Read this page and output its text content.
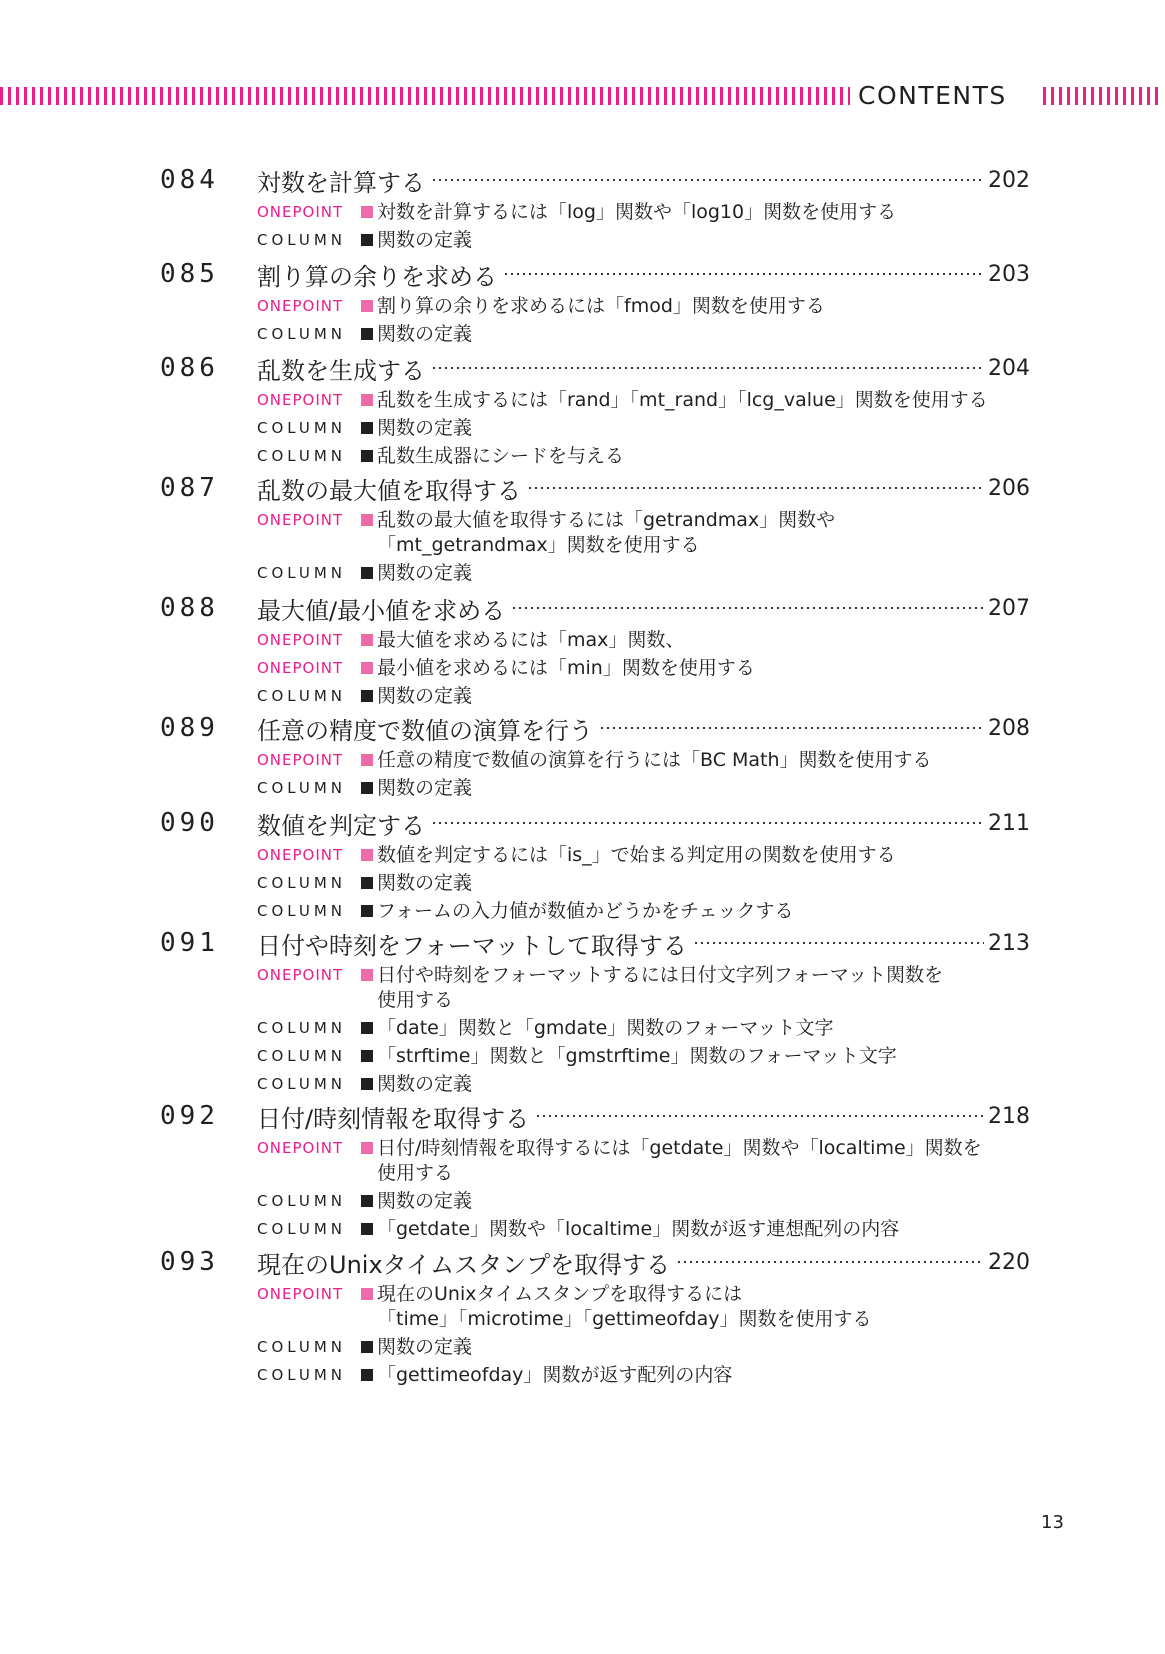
CONTENTS
084 対数を計算する	202
ONEPOINT	対数を計算するには「log」関数や「log10」関数を使用する
COLUMN	関数の定義
085 割り算の余りを求める	203
ONEPOINT	割り算の余りを求めるには「fmod」関数を使用する
COLUMN	関数の定義
086 乱数を生成する	204
ONEPOINT	乱数を生成するには「rand」「mt_rand」「lcg_value」関数を使用する
COLUMN	関数の定義
COLUMN	乱数生成器にシードを与える
087 乱数の最大値を取得する	206
ONEPOINT	乱数の最大値を取得するには「getrandmax」関数や
「mt_getrandmax」関数を使用する
COLUMN	関数の定義
088 最大値/最小値を求める	207
ONEPOINT	最大値を求めるには「max」関数、
ONEPOINT	最小値を求めるには「min」関数を使用する
COLUMN	関数の定義
089 任意の精度で数値の演算を行う	208
ONEPOINT	任意の精度で数値の演算を行うには「BC Math」関数を使用する
COLUMN	関数の定義
090 数値を判定する	211
ONEPOINT	数値を判定するには「is_」で始まる判定用の関数を使用する
COLUMN	関数の定義
COLUMN	フォームの入力値が数値かどうかをチェックする
091 日付や時刻をフォーマットして取得する	213
ONEPOINT	日付や時刻をフォーマットするには日付文字列フォーマット関数を
使用する
COLUMN	「date」関数と「gmdate」関数のフォーマット文字
COLUMN	「strftime」関数と「gmstrftime」関数のフォーマット文字
COLUMN	関数の定義
092 日付/時刻情報を取得する	218
ONEPOINT	日付/時刻情報を取得するには「getdate」関数や「localtime」関数を
使用する
COLUMN	関数の定義
COLUMN	「getdate」関数や「localtime」関数が返す連想配列の内容
093 現在のUnixタイムスタンプを取得する	220
ONEPOINT	現在のUnixタイムスタンプを取得するには
「time」「microtime」「gettimeofday」関数を使用する
COLUMN	関数の定義
COLUMN	「gettimeofday」関数が返す配列の内容
13
